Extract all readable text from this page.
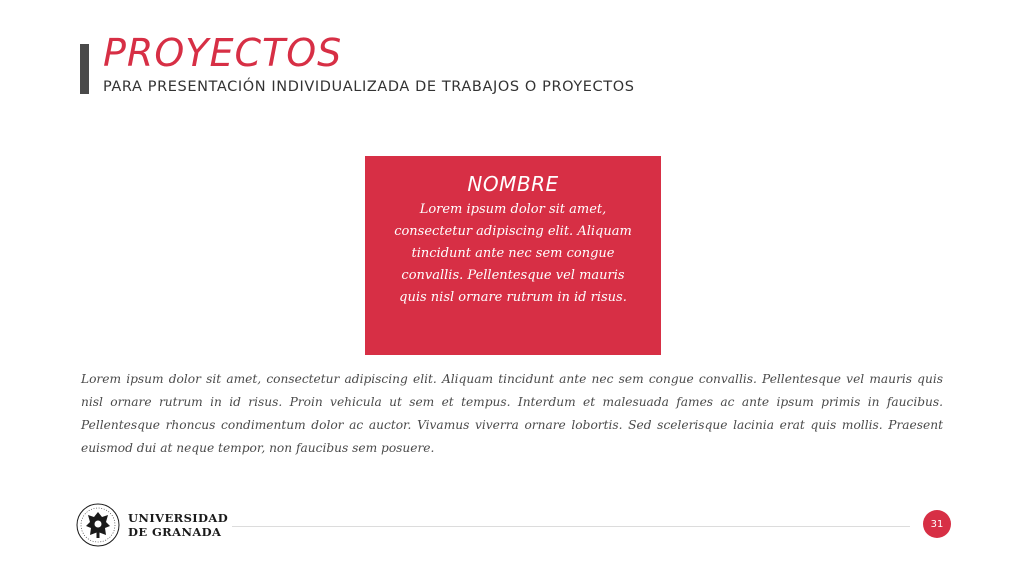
PROYECTOS
PARA PRESENTACIÓN INDIVIDUALIZADA DE TRABAJOS O PROYECTOS
NOMBRE
Lorem ipsum dolor sit amet, consectetur adipiscing elit. Aliquam tincidunt ante nec sem congue convallis. Pellentesque vel mauris quis nisl ornare rutrum in id risus.
Lorem ipsum dolor sit amet, consectetur adipiscing elit. Aliquam tincidunt ante nec sem congue convallis. Pellentesque vel mauris quis nisl ornare rutrum in id risus. Proin vehicula ut sem et tempus. Interdum et malesuada fames ac ante ipsum primis in faucibus. Pellentesque rhoncus condimentum dolor ac auctor. Vivamus viverra ornare lobortis. Sed scelerisque lacinia erat quis mollis. Praesent euismod dui at neque tempor, non faucibus sem posuere.
UNIVERSIDAD
DE GRANADA
31
